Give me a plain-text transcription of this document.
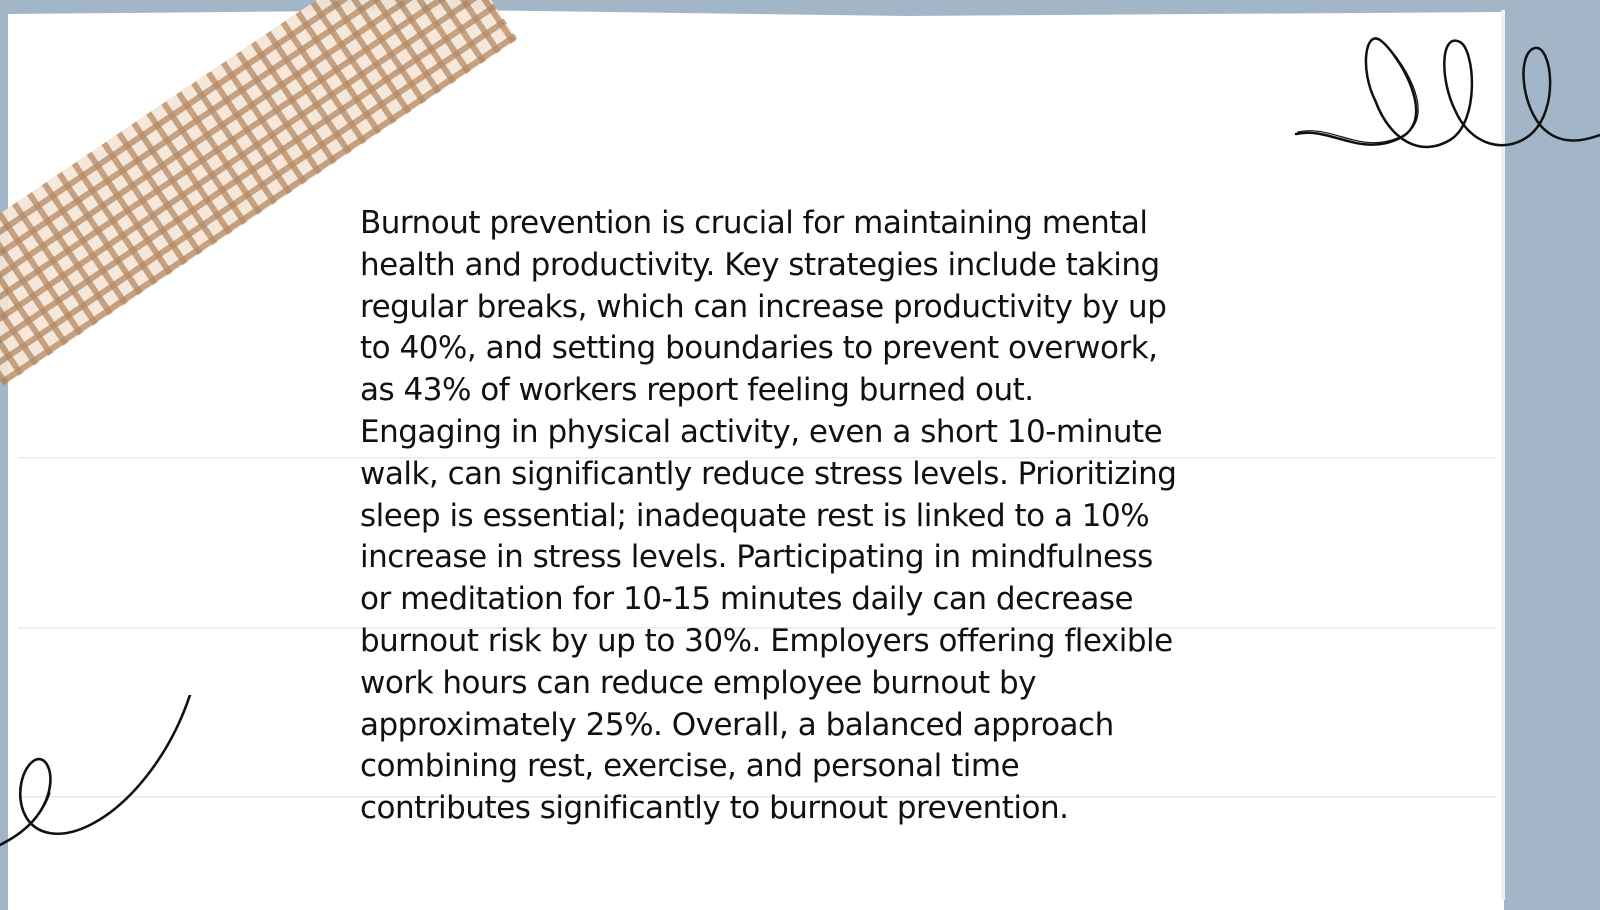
Burnout prevention is crucial for maintaining mental
health and productivity. Key strategies include taking
regular breaks, which can increase productivity by up
to 40%, and setting boundaries to prevent overwork,
as 43% of workers report feeling burned out.
Engaging in physical activity, even a short 10-minute
walk, can significantly reduce stress levels. Prioritizing
sleep is essential; inadequate rest is linked to a 10%
increase in stress levels. Participating in mindfulness
or meditation for 10-15 minutes daily can decrease
burnout risk by up to 30%. Employers offering flexible
work hours can reduce employee burnout by
approximately 25%. Overall, a balanced approach
combining rest, exercise, and personal time
contributes significantly to burnout prevention.
